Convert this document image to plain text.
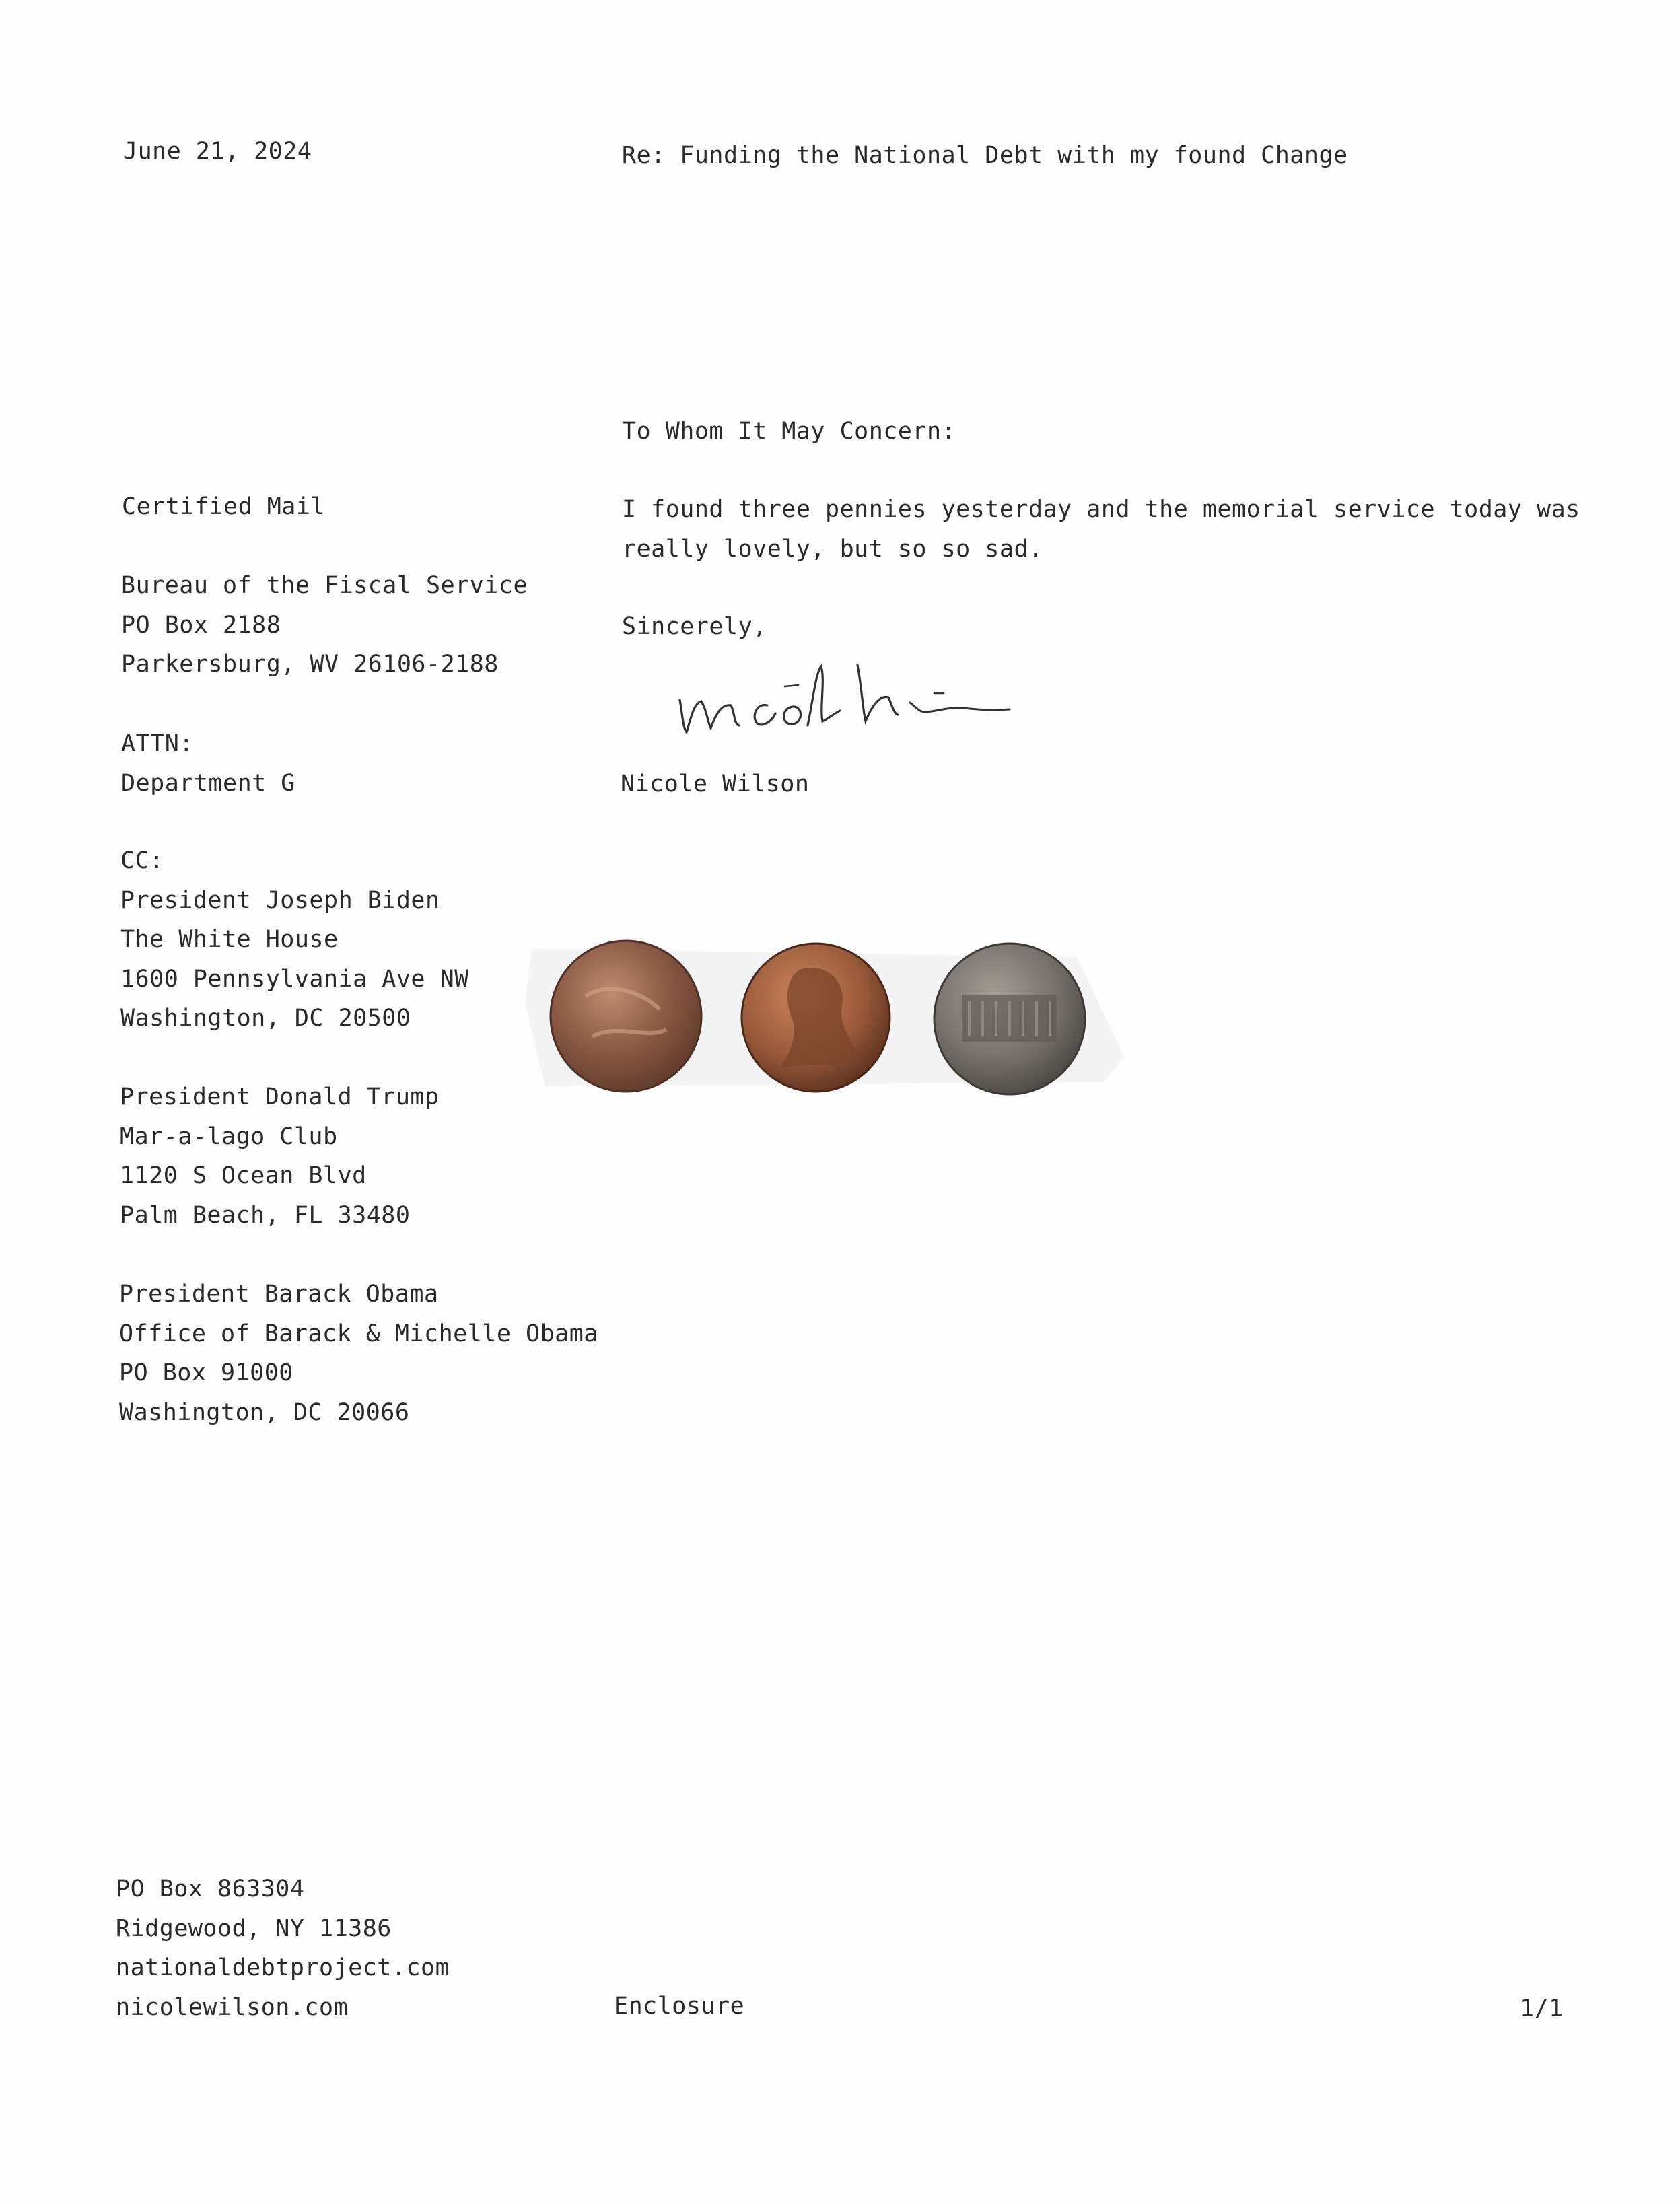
June 21, 2024	Re: Funding the National Debt with my found Change
Certified Mail
Bureau of the Fiscal Service
PO Box 2188
Parkersburg, WV 26106-2188
ATTN:
Department G
CC:
President Joseph Biden
The White House
1600 Pennsylvania Ave NW
Washington, DC 20500
President Donald Trump
Mar-a-lago Club
1120 S Ocean Blvd
Palm Beach, FL 33480
President Barack Obama
Office of Barack & Michelle Obama
PO Box 91000
Washington, DC 20066
To Whom It May Concern:
I found three pennies yesterday and the memorial service today was
really lovely, but so so sad.
Sincerely,
Nicole Wilson
PO Box 863304
Ridgewood, NY 11386
nationaldebtproject.com
nicolewilson.com	Enclosure	1/1
